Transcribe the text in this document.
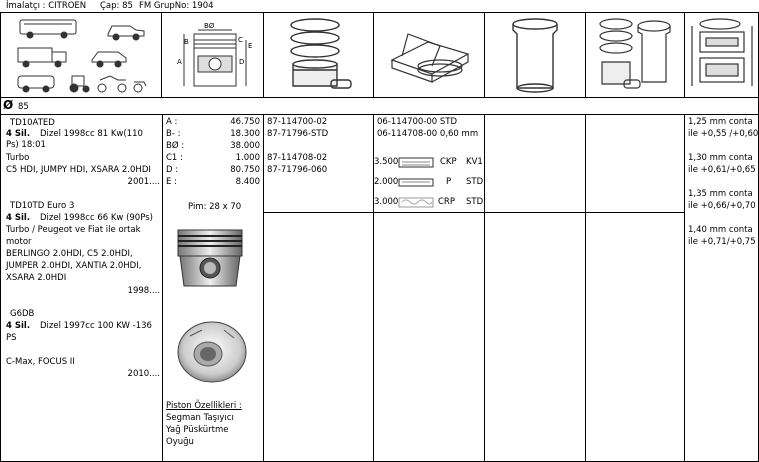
İmalatçı : CITROEN Çap: 85 FM GrupNo: 1904
BØ
B	C
E
A	D
Ø 85
TD10ATED
4 Sil. Dizel 1998cc 81 Kw(110
Ps) 18:01
Turbo
C5 HDI, JUMPY HDI, XSARA 2.0HDI
2001....
TD10TD Euro 3
4 Sil. Dizel 1998cc 66 Kw (90Ps)
Turbo / Peugeot ve Fiat ile ortak
motor
BERLINGO 2.0HDI, C5 2.0HDI,
JUMPER 2.0HDI, XANTIA 2.0HDI,
XSARA 2.0HDI
1998....
G6DB
4 Sil. Dizel 1997cc 100 KW -136
PS
C-Max, FOCUS II
2010....
A :	46.750
B- :	18.300
BØ :	38.000
C1 :	1.000
D :	80.750
E :	8.400
Pim: 28 x 70
Piston Özellikleri :
Segman Taşıyıcı
Yağ Püskürtme
Oyuğu
87-114700-02
87-71796-STD
87-114708-02
87-71796-060
06-114700-00 STD
06-114708-00 0,60 mm
3.500	CKP KV1
2.000	P STD
3.000	CRP STD
1,25 mm conta
ile +0,55 /+0,60
1,30 mm conta
ile +0,61/+0,65
1,35 mm conta
ile +0,66/+0,70
1,40 mm conta
ile +0,71/+0,75
